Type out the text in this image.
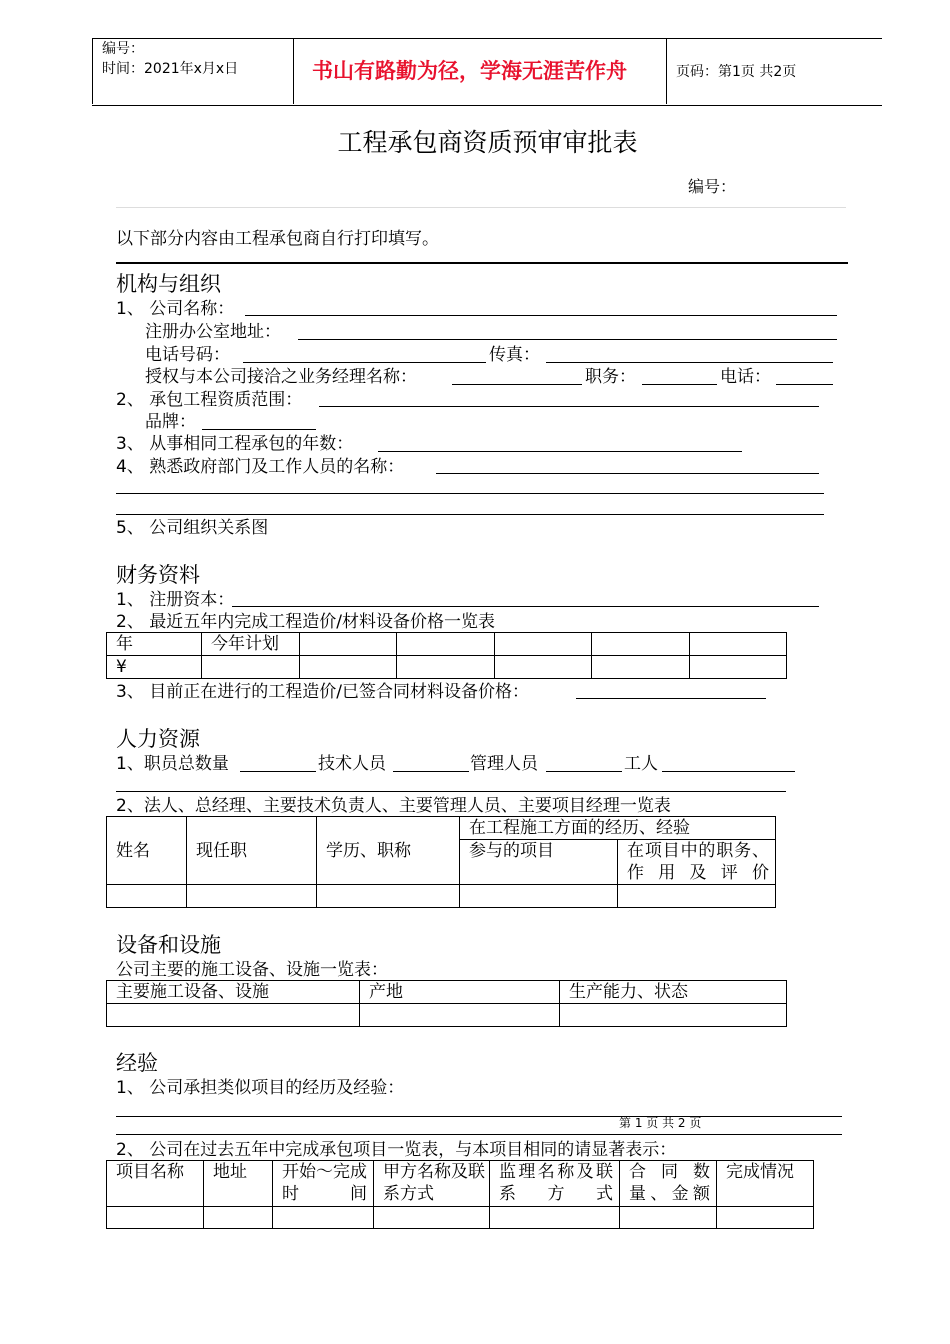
编号：
时间：2021年x月x日	书山有路勤为径，学海无涯苦作舟	页码：第1页 共2页
工程承包商资质预审审批表
编号：
以下部分内容由工程承包商自行打印填写。
机构与组织
1、 公司名称：
注册办公室地址：
电话号码：	传真：
授权与本公司接洽之业务经理名称：	职务：	电话：
2、 承包工程资质范围：
品牌：
3、 从事相同工程承包的年数：
4、 熟悉政府部门及工作人员的名称：
5、 公司组织关系图
财务资料
1、 注册资本：
2、 最近五年内完成工程造价/材料设备价格一览表
年	今年计划					
¥						
3、 目前正在进行的工程造价/已签合同材料设备价格：
人力资源
1、职员总数量	技术人员	管理人员	工人
2、法人、总经理、主要技术负责人、主要管理人员、主要项目经理一览表
姓名	现任职	学历、职称	在工程施工方面的经历、经验	
			参与的项目	在项目中的职务、作用及评价

设备和设施
公司主要的施工设备、设施一览表：
主要施工设备、设施	产地	生产能力、状态

经验
1、 公司承担类似项目的经历及经验：
第 1 页 共 2 页
2、 公司在过去五年中完成承包项目一览表，与本项目相同的请显著表示：
项目名称	地址	开始～完成时间	甲方名称及联系方式	监理名称及联系方式	合同数量、金额	完成情况
